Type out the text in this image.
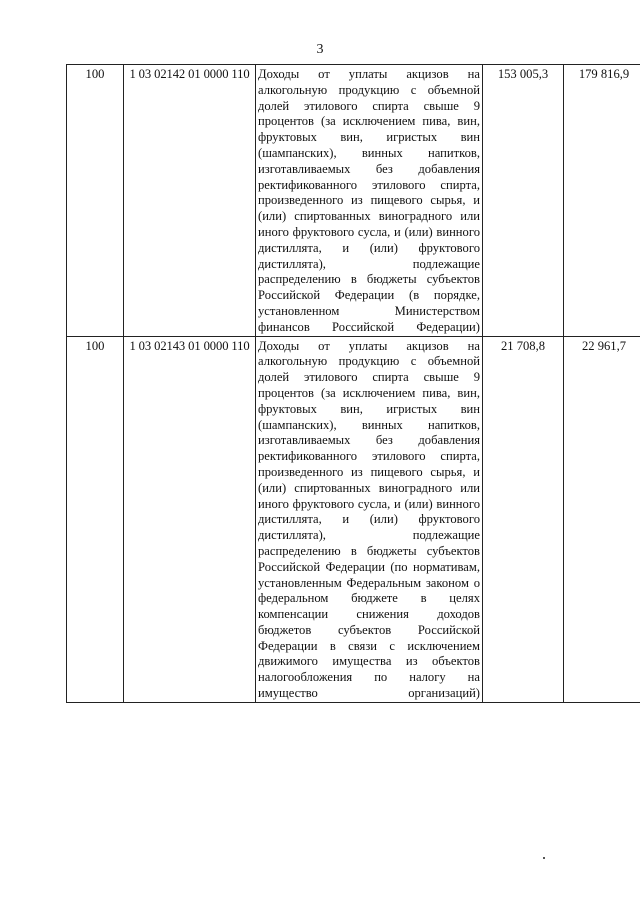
3
100	1 03 02142 01 0000 110	Доходы от уплаты акцизов на алкогольную продукцию с объемной долей этилового спирта свыше 9 процентов (за исключением пива, вин, фруктовых вин, игристых вин (шампанских), винных напитков, изготавливаемых без добавления ректификованного этилового спирта, произведенного из пищевого сырья, и (или) спиртованных виноградного или иного фруктового сусла, и (или) винного дистиллята, и (или) фруктового дистиллята), подлежащие распределению в бюджеты субъектов Российской Федерации (в порядке, установленном Министерством финансов Российской Федерации)	153 005,3	179 816,9
100	1 03 02143 01 0000 110	Доходы от уплаты акцизов на алкогольную продукцию с объемной долей этилового спирта свыше 9 процентов (за исключением пива, вин, фруктовых вин, игристых вин (шампанских), винных напитков, изготавливаемых без добавления ректификованного этилового спирта, произведенного из пищевого сырья, и (или) спиртованных виноградного или иного фруктового сусла, и (или) винного дистиллята, и (или) фруктового дистиллята), подлежащие распределению в бюджеты субъектов Российской Федерации (по нормативам, установленным Федеральным законом о федеральном бюджете в целях компенсации снижения доходов бюджетов субъектов Российской Федерации в связи с исключением движимого имущества из объектов налогообложения по налогу на имущество организаций)	21 708,8	22 961,7
